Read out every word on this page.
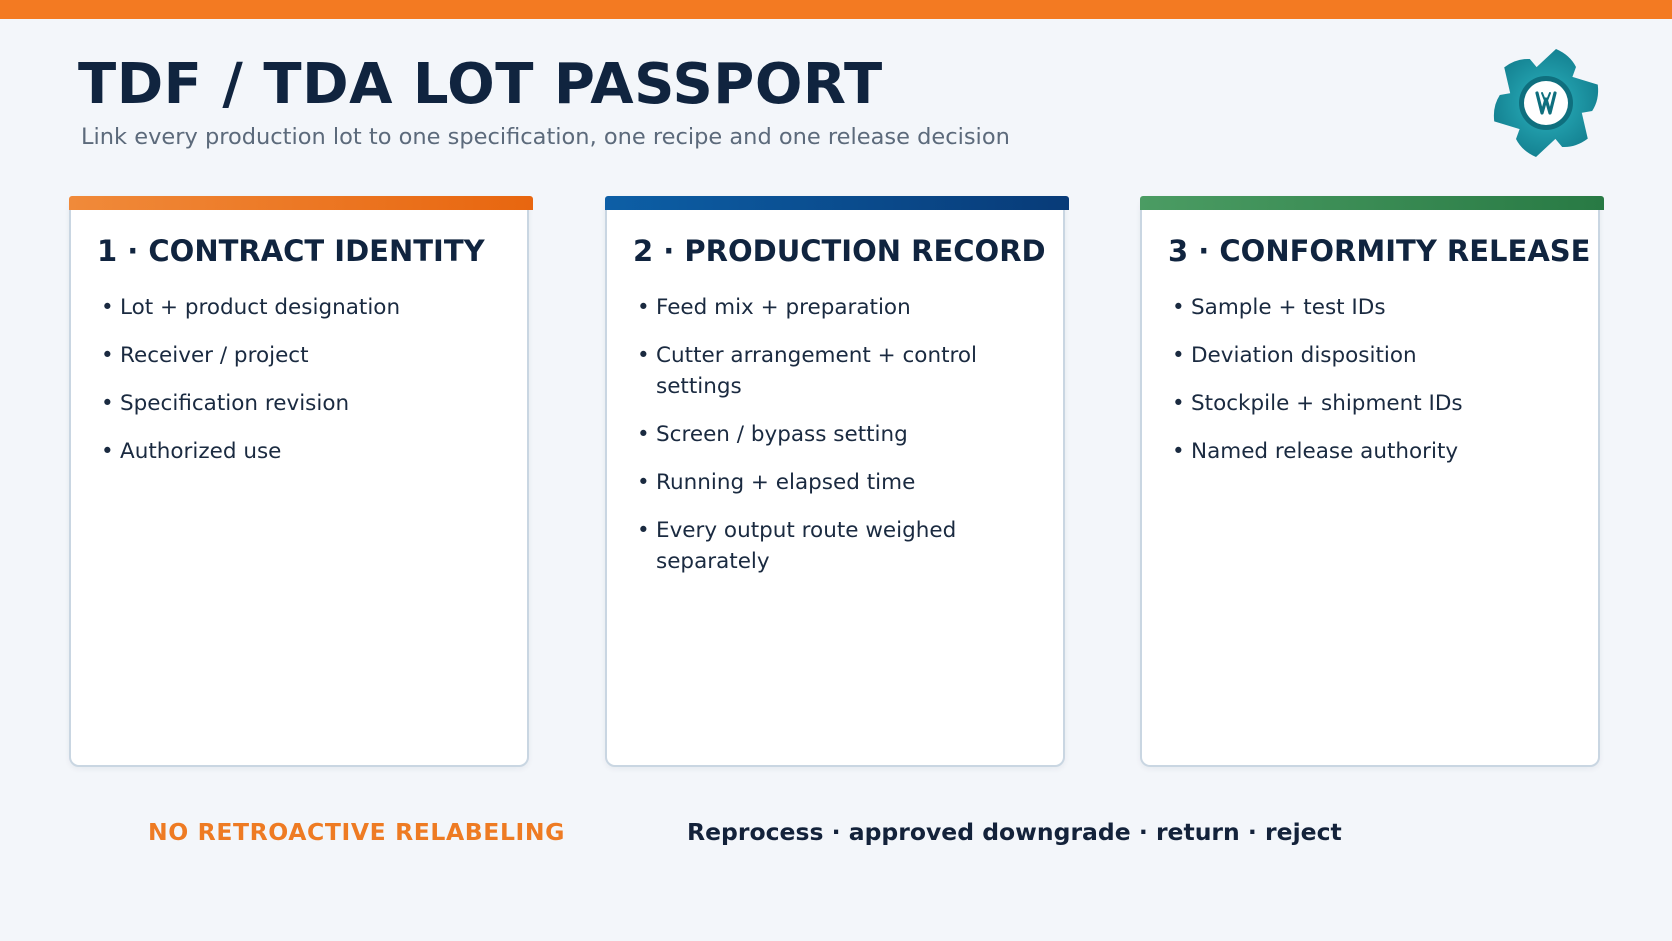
TDF / TDA LOT PASSPORT

Link every production lot to one specification, one recipe and one release decision

1 · CONTRACT IDENTITY
• Lot + product designation
• Receiver / project
• Specification revision
• Authorized use
2 · PRODUCTION RECORD
• Feed mix + preparation
• Cutter arrangement + control settings
• Screen / bypass setting
• Running + elapsed time
• Every output route weighed separately
3 · CONFORMITY RELEASE
• Sample + test IDs
• Deviation disposition
• Stockpile + shipment IDs
• Named release authority

NO RETROACTIVE RELABELING	Reprocess · approved downgrade · return · reject
